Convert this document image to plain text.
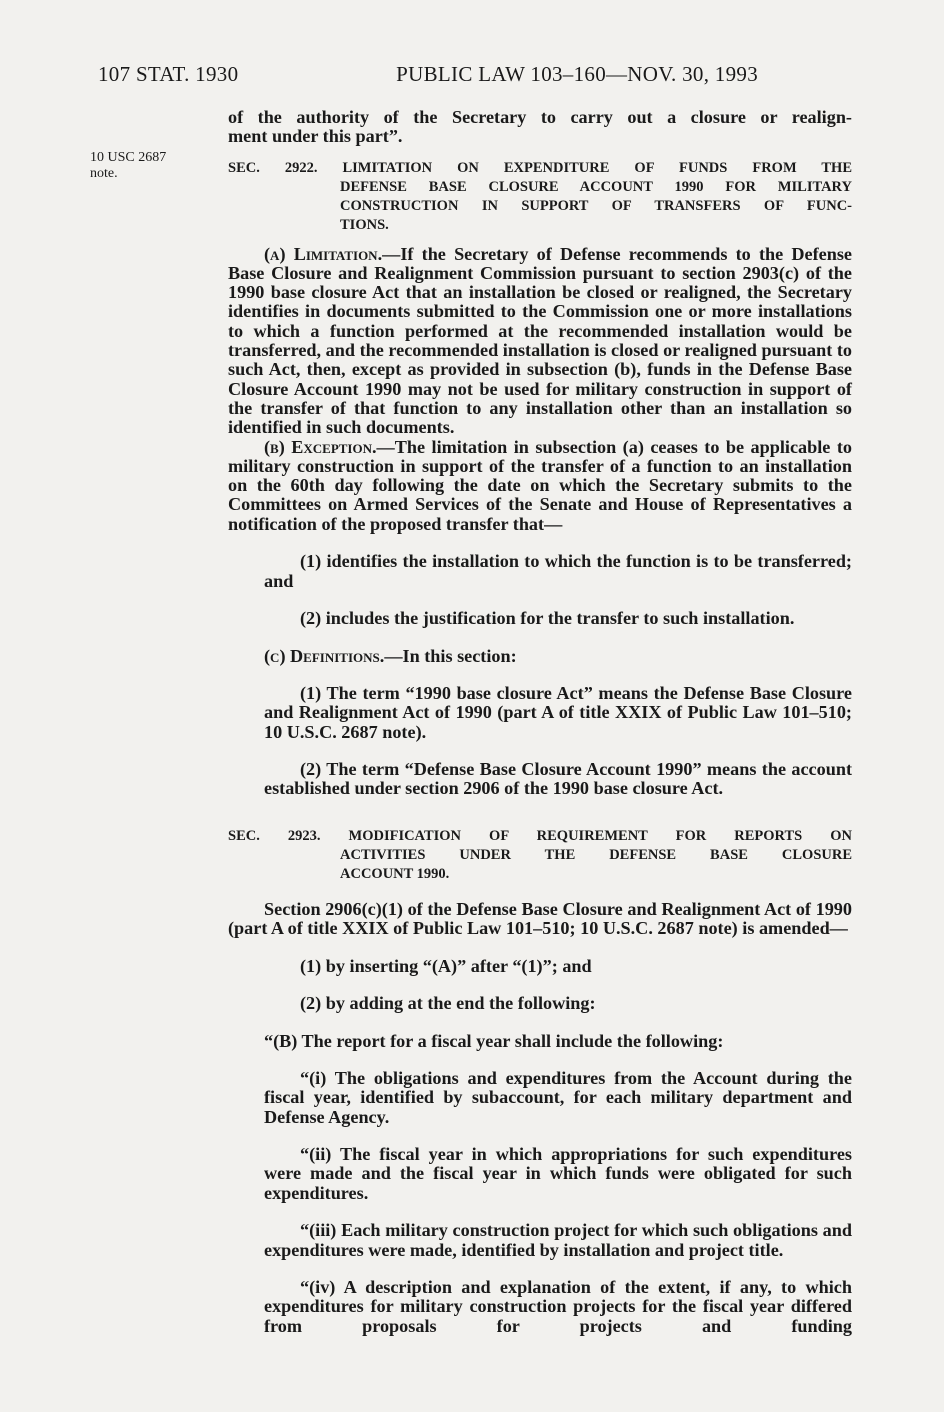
107 STAT. 1930	PUBLIC LAW 103–160—NOV. 30, 1993
10 USC 2687
note.

of the authority of the Secretary to carry out a closure or realign-

ment under this part”.

SEC. 2922. LIMITATION ON EXPENDITURE OF FUNDS FROM THE
DEFENSE BASE CLOSURE ACCOUNT 1990 FOR MILITARY
CONSTRUCTION IN SUPPORT OF TRANSFERS OF FUNC-
TIONS.

(a) Limitation.—If the Secretary of Defense recommends to the Defense Base Closure and Realignment Commission pursuant to section 2903(c) of the 1990 base closure Act that an installation be closed or realigned, the Secretary identifies in documents submitted to the Commission one or more installations to which a function performed at the recommended installation would be transferred, and the recommended installation is closed or realigned pursuant to such Act, then, except as provided in subsection (b), funds in the Defense Base Closure Account 1990 may not be used for military construction in support of the transfer of that function to any installation other than an installation so identified in such documents.

(b) Exception.—The limitation in subsection (a) ceases to be applicable to military construction in support of the transfer of a function to an installation on the 60th day following the date on which the Secretary submits to the Committees on Armed Services of the Senate and House of Representatives a notification of the proposed transfer that—

(1) identifies the installation to which the function is to be transferred; and

(2) includes the justification for the transfer to such installation.

(c) Definitions.—In this section:

(1) The term “1990 base closure Act” means the Defense Base Closure and Realignment Act of 1990 (part A of title XXIX of Public Law 101–510; 10 U.S.C. 2687 note).

(2) The term “Defense Base Closure Account 1990” means the account established under section 2906 of the 1990 base closure Act.

SEC. 2923. MODIFICATION OF REQUIREMENT FOR REPORTS ON
ACTIVITIES UNDER THE DEFENSE BASE CLOSURE
ACCOUNT 1990.

Section 2906(c)(1) of the Defense Base Closure and Realignment Act of 1990 (part A of title XXIX of Public Law 101–510; 10 U.S.C. 2687 note) is amended—

(1) by inserting “(A)” after “(1)”; and

(2) by adding at the end the following:

“(B) The report for a fiscal year shall include the following:

“(i) The obligations and expenditures from the Account during the fiscal year, identified by subaccount, for each military department and Defense Agency.

“(ii) The fiscal year in which appropriations for such expenditures were made and the fiscal year in which funds were obligated for such expenditures.

“(iii) Each military construction project for which such obligations and expenditures were made, identified by installation and project title.

“(iv) A description and explanation of the extent, if any, to which expenditures for military construction projects for the fiscal year differed from proposals for projects and funding
